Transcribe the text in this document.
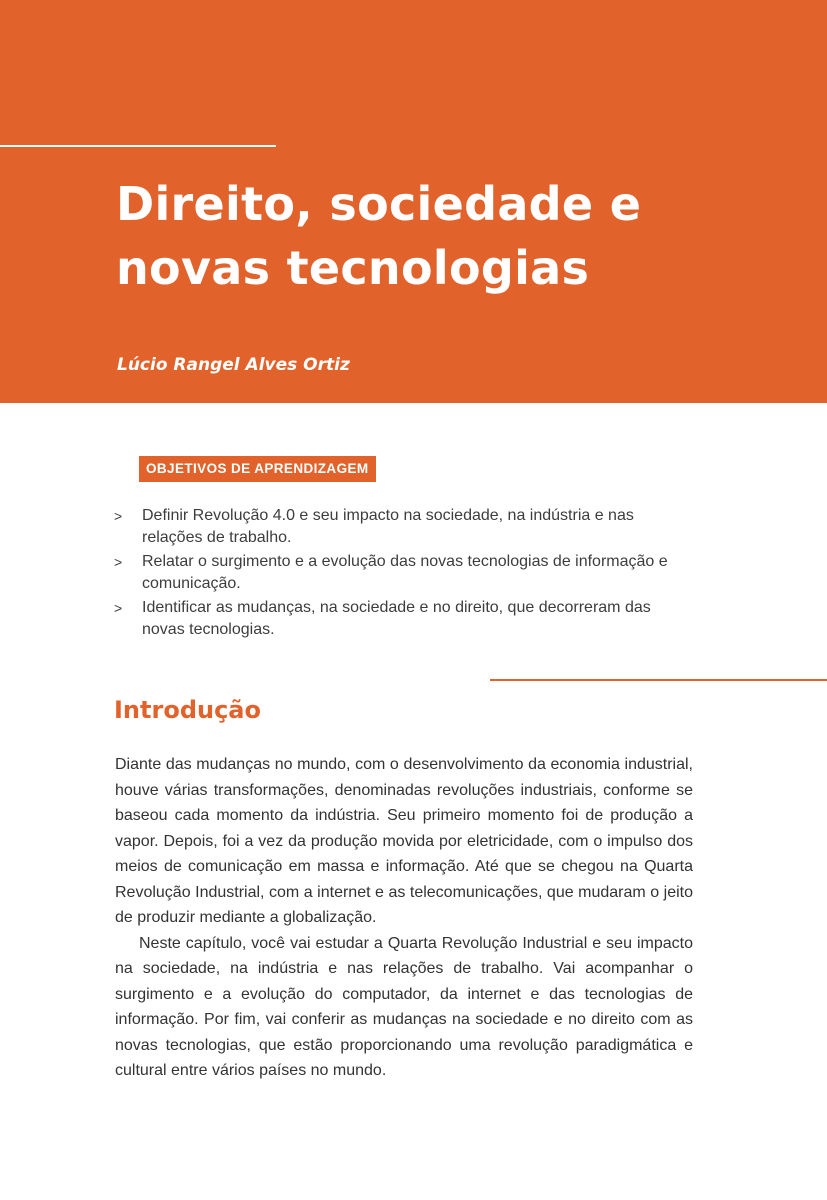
Direito, sociedade e novas tecnologias

Lúcio Rangel Alves Ortiz

OBJETIVOS DE APRENDIZAGEM
> Definir Revolução 4.0 e seu impacto na sociedade, na indústria e nas relações de trabalho.
> Relatar o surgimento e a evolução das novas tecnologias de informação e comunicação.
> Identificar as mudanças, na sociedade e no direito, que decorreram das novas tecnologias.
Introdução

Diante das mudanças no mundo, com o desenvolvimento da economia industrial, houve várias transformações, denominadas revoluções industriais, conforme se baseou cada momento da indústria. Seu primeiro momento foi de produção a vapor. Depois, foi a vez da produção movida por eletricidade, com o impulso dos meios de comunicação em massa e informação. Até que se chegou na Quarta Revolução Industrial, com a internet e as telecomunicações, que mudaram o jeito de produzir mediante a globalização.

Neste capítulo, você vai estudar a Quarta Revolução Industrial e seu impacto na sociedade, na indústria e nas relações de trabalho. Vai acompanhar o surgimento e a evolução do computador, da internet e das tecnologias de informação. Por fim, vai conferir as mudanças na sociedade e no direito com as novas tecnologias, que estão proporcionando uma revolução paradigmática e cultural entre vários países no mundo.
